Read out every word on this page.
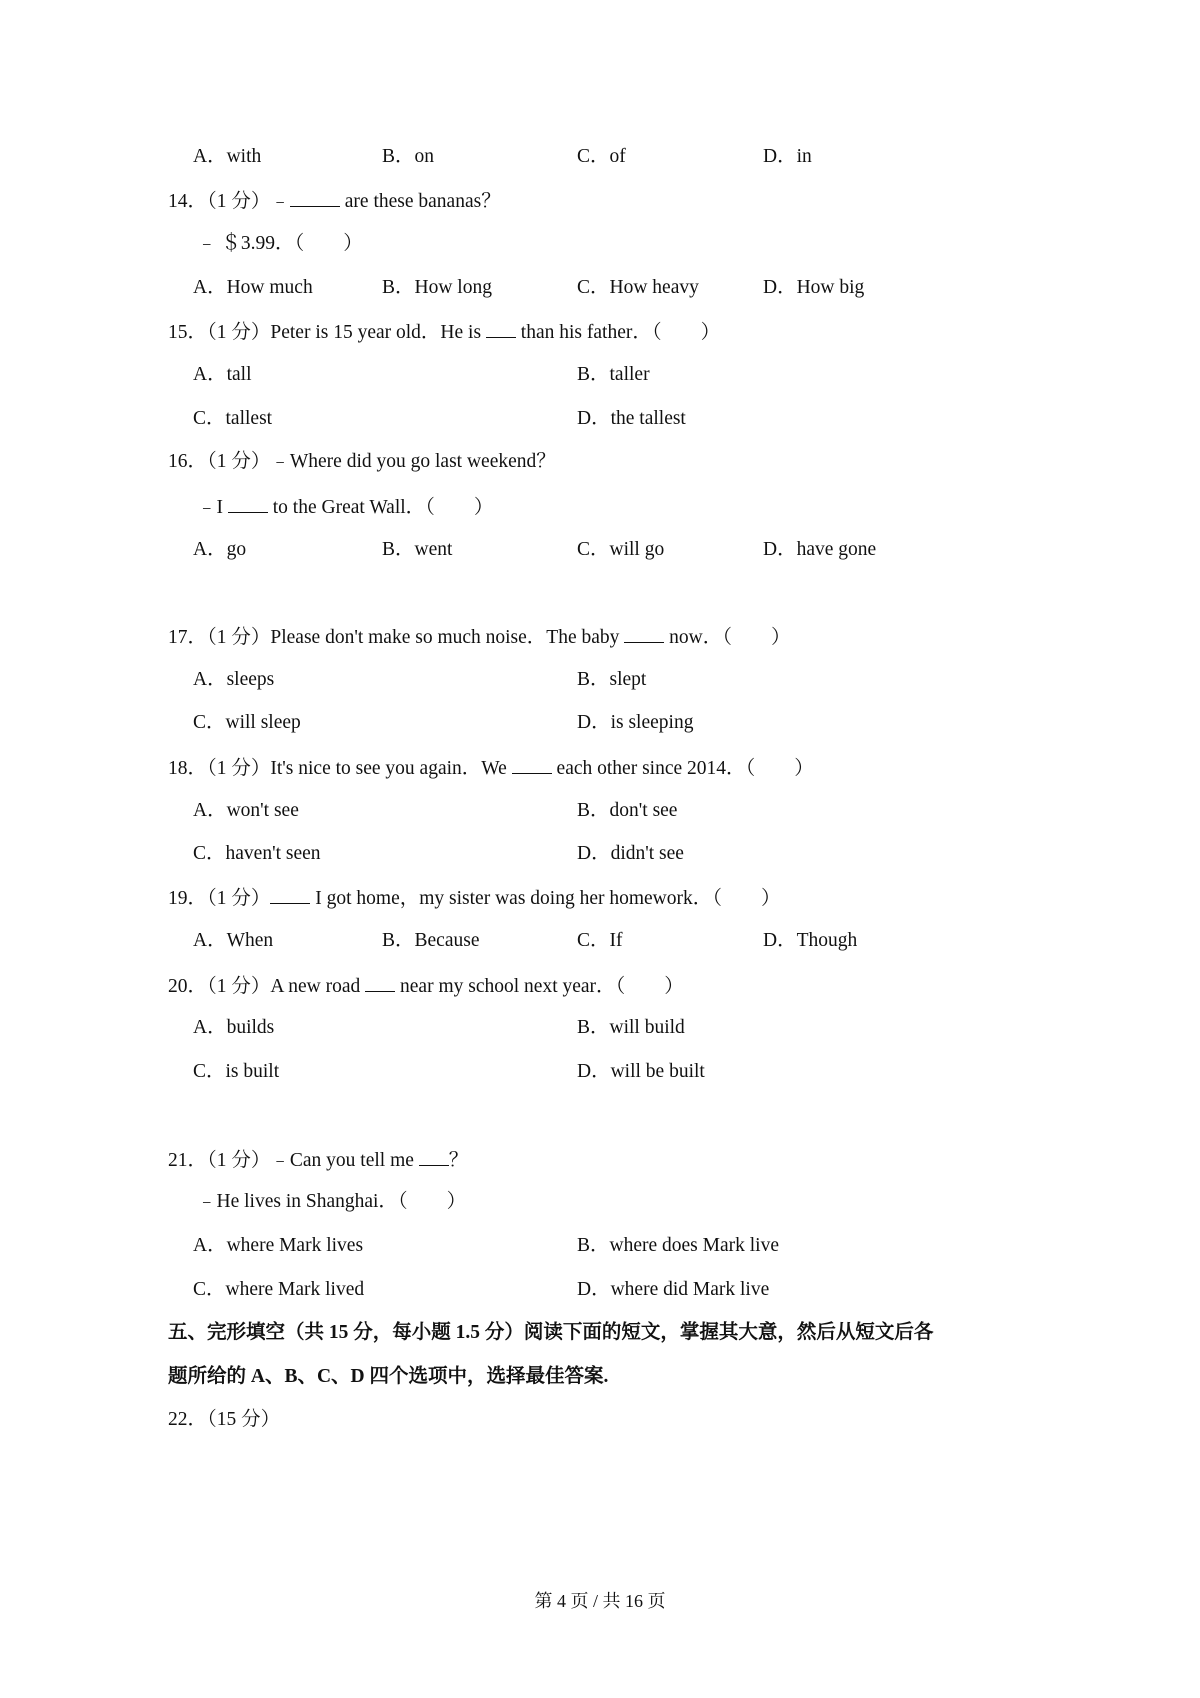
A．with	B．on	C．of	D．in
14．（1 分）﹣	are these bananas？
﹣ ＄3.99．（　　）
A．How much	B．How long	C．How heavy	D．How big
15．（1 分）Peter is 15 year old．He is  than his father．（　　）
A．tall	B．taller
C．tallest	D．the tallest
16．（1 分）﹣Where did you go last weekend？
﹣I  to the Great Wall．（　　）
A．go	B．went	C．will go	D．have gone
17．（1 分）Please don't make so much noise．The baby  now．（　　）
A．sleeps	B．slept
C．will sleep	D．is sleeping
18．（1 分）It's nice to see you again．We  each other since 2014．（　　）
A．won't see	B．don't see
C．haven't seen	D．didn't see
19．（1 分） I got home，my sister was doing her homework．（　　）
A．When	B．Because	C．If	D．Though
20．（1 分）A new road  near my school next year．（　　）
A．builds	B．will build
C．is built	D．will be built
21．（1 分）﹣Can you tell me ？
﹣He lives in Shanghai．（　　）
A．where Mark lives	B．where does Mark live
C．where Mark lived	D．where did Mark live
五、完形填空（共 15 分，每小题 1.5 分）阅读下面的短文，掌握其大意，然后从短文后各
题所给的 A、B、C、D 四个选项中，选择最佳答案.
22．（15 分）
第 4 页 / 共 16 页
